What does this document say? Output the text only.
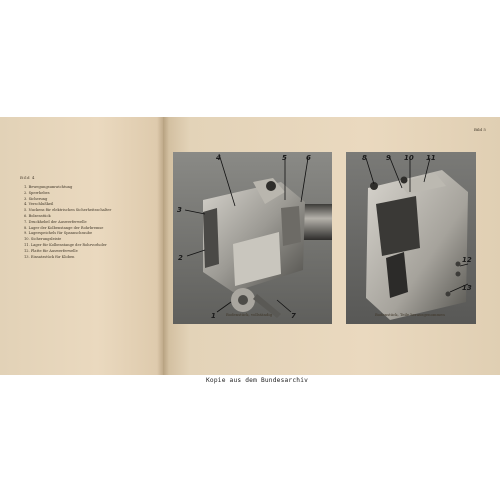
Bild 4
1. Bewegungsumwichtung
2. Sperrhebes
3. Sicherung
4. Verschlußkeil
5. Nuckens für elektrischen Sicherheitsschalter
6. Bolzenstück
7. Druckhebel der Auswerferwelle
8. Lager der Kolbenstange der Rohrbremse
9. Lagerspeichels für Spannschraube
10. Sicherungsleiste
11. Lager für Kolbenstange der Rohrvorholer
12. Platte für Auswerferwelle
13. Einsatzstück für Kloben
Bild 5
4	5	6
3
2
1	7
8	9 10 11
12
13
Bodenstück, vollständig	Bodenstück, Teile herausgenommen
Kopie aus dem Bundesarchiv
